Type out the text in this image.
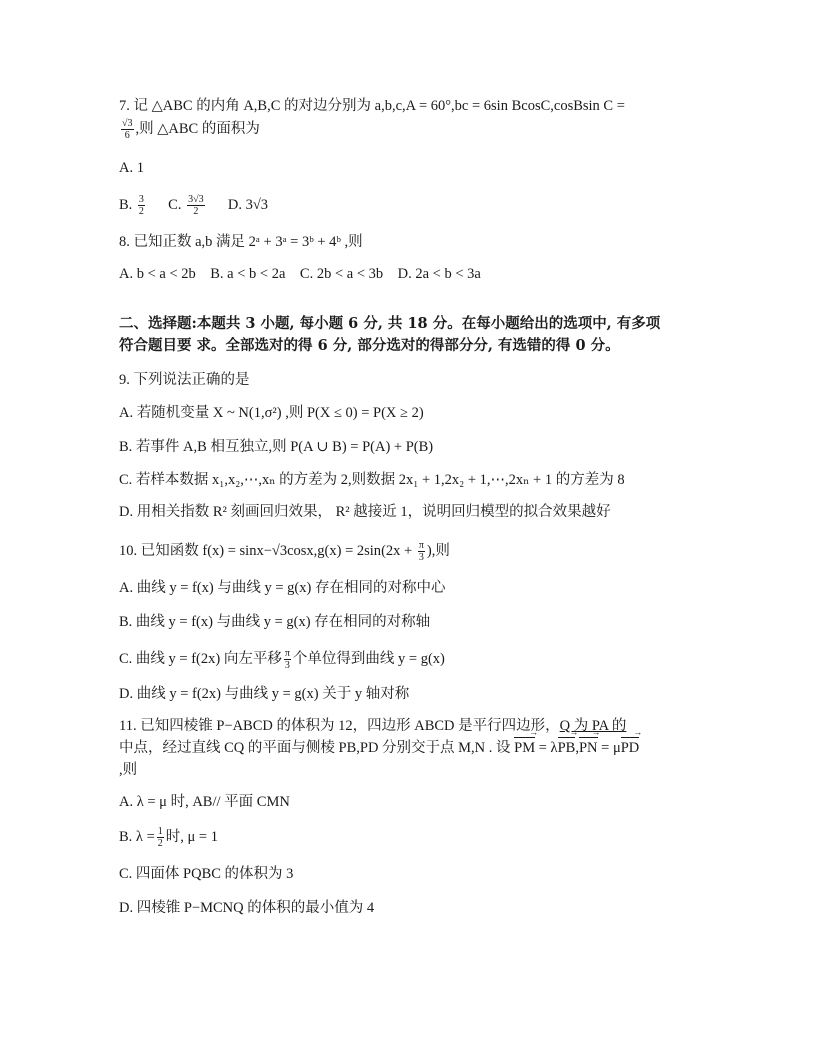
7. 记 △ABC 的内角 A,B,C 的对边分别为 a,b,c,A = 60°,bc = 6sin BcosC,cosBsin C =
$\frac{√3}{6}$ ,则 △ABC 的面积为
A. 1
B. $\frac{3}{2} C$. $\frac{3√3}{2} D$. 3√3
8. 已知正数 a,b 满足 2ᵃ + 3ᵃ = 3ᵇ + 4ᵇ ,则
A. b < a < 2b    B. a < b < 2a    C. 2b < a < 3b    D. 2a < b < 3a
二、选择题:本题共 3 小题, 每小题 6 分, 共 18 分。在每小题给出的选项中, 有多项
符合题目要 求。全部选对的得 6 分, 部分选对的得部分分, 有选错的得 0 分。
9. 下列说法正确的是
A. 若随机变量 X ~ N(1,σ²) ,则 P(X ≤ 0) = P(X ≥ 2)
B. 若事件 A,B 相互独立,则 P(A ∪ B) = P(A) + P(B)
C. 若样本数据 x₁,x₂,⋯,xₙ 的方差为 2,则数据 2x₁ + 1,2x₂ + 1,⋯,2xₙ + 1 的方差为 8
D. 用相关指数 R² 刻画回归效果， R² 越接近 1，说明回归模型的拟合效果越好
10. 已知函数 $f(x) = \sin x-√3\cos x,g(x) = 2\sin(2x + \frac{\pi}{3}$ ),则
A. 曲线 y = f(x) 与曲线 y = g(x) 存在相同的对称中心
B. 曲线 y = f(x) 与曲线 y = g(x) 存在相同的对称轴
C. 曲线 y = f(2x) 向左平移 $\frac{\pi}{3}$ 个单位得到曲线 y = g(x)
D. 曲线 y = f(2x) 与曲线 y = g(x) 关于 y 轴对称
11. 已知四棱锥 P−ABCD 的体积为 12，四边形 ABCD 是平行四边形，Q 为 PA 的
中点，经过直线 CQ 的平面与侧棱 PB,PD 分别交于点 M,N . 设 PM → = λPB →,PN → = μPD →
,则
A. λ = μ 时, AB// 平面 CMN
B. $\lambda = \frac{1}{2}$ 时, μ = 1
C. 四面体 PQBC 的体积为 3
D. 四棱锥 P−MCNQ 的体积的最小值为 4
